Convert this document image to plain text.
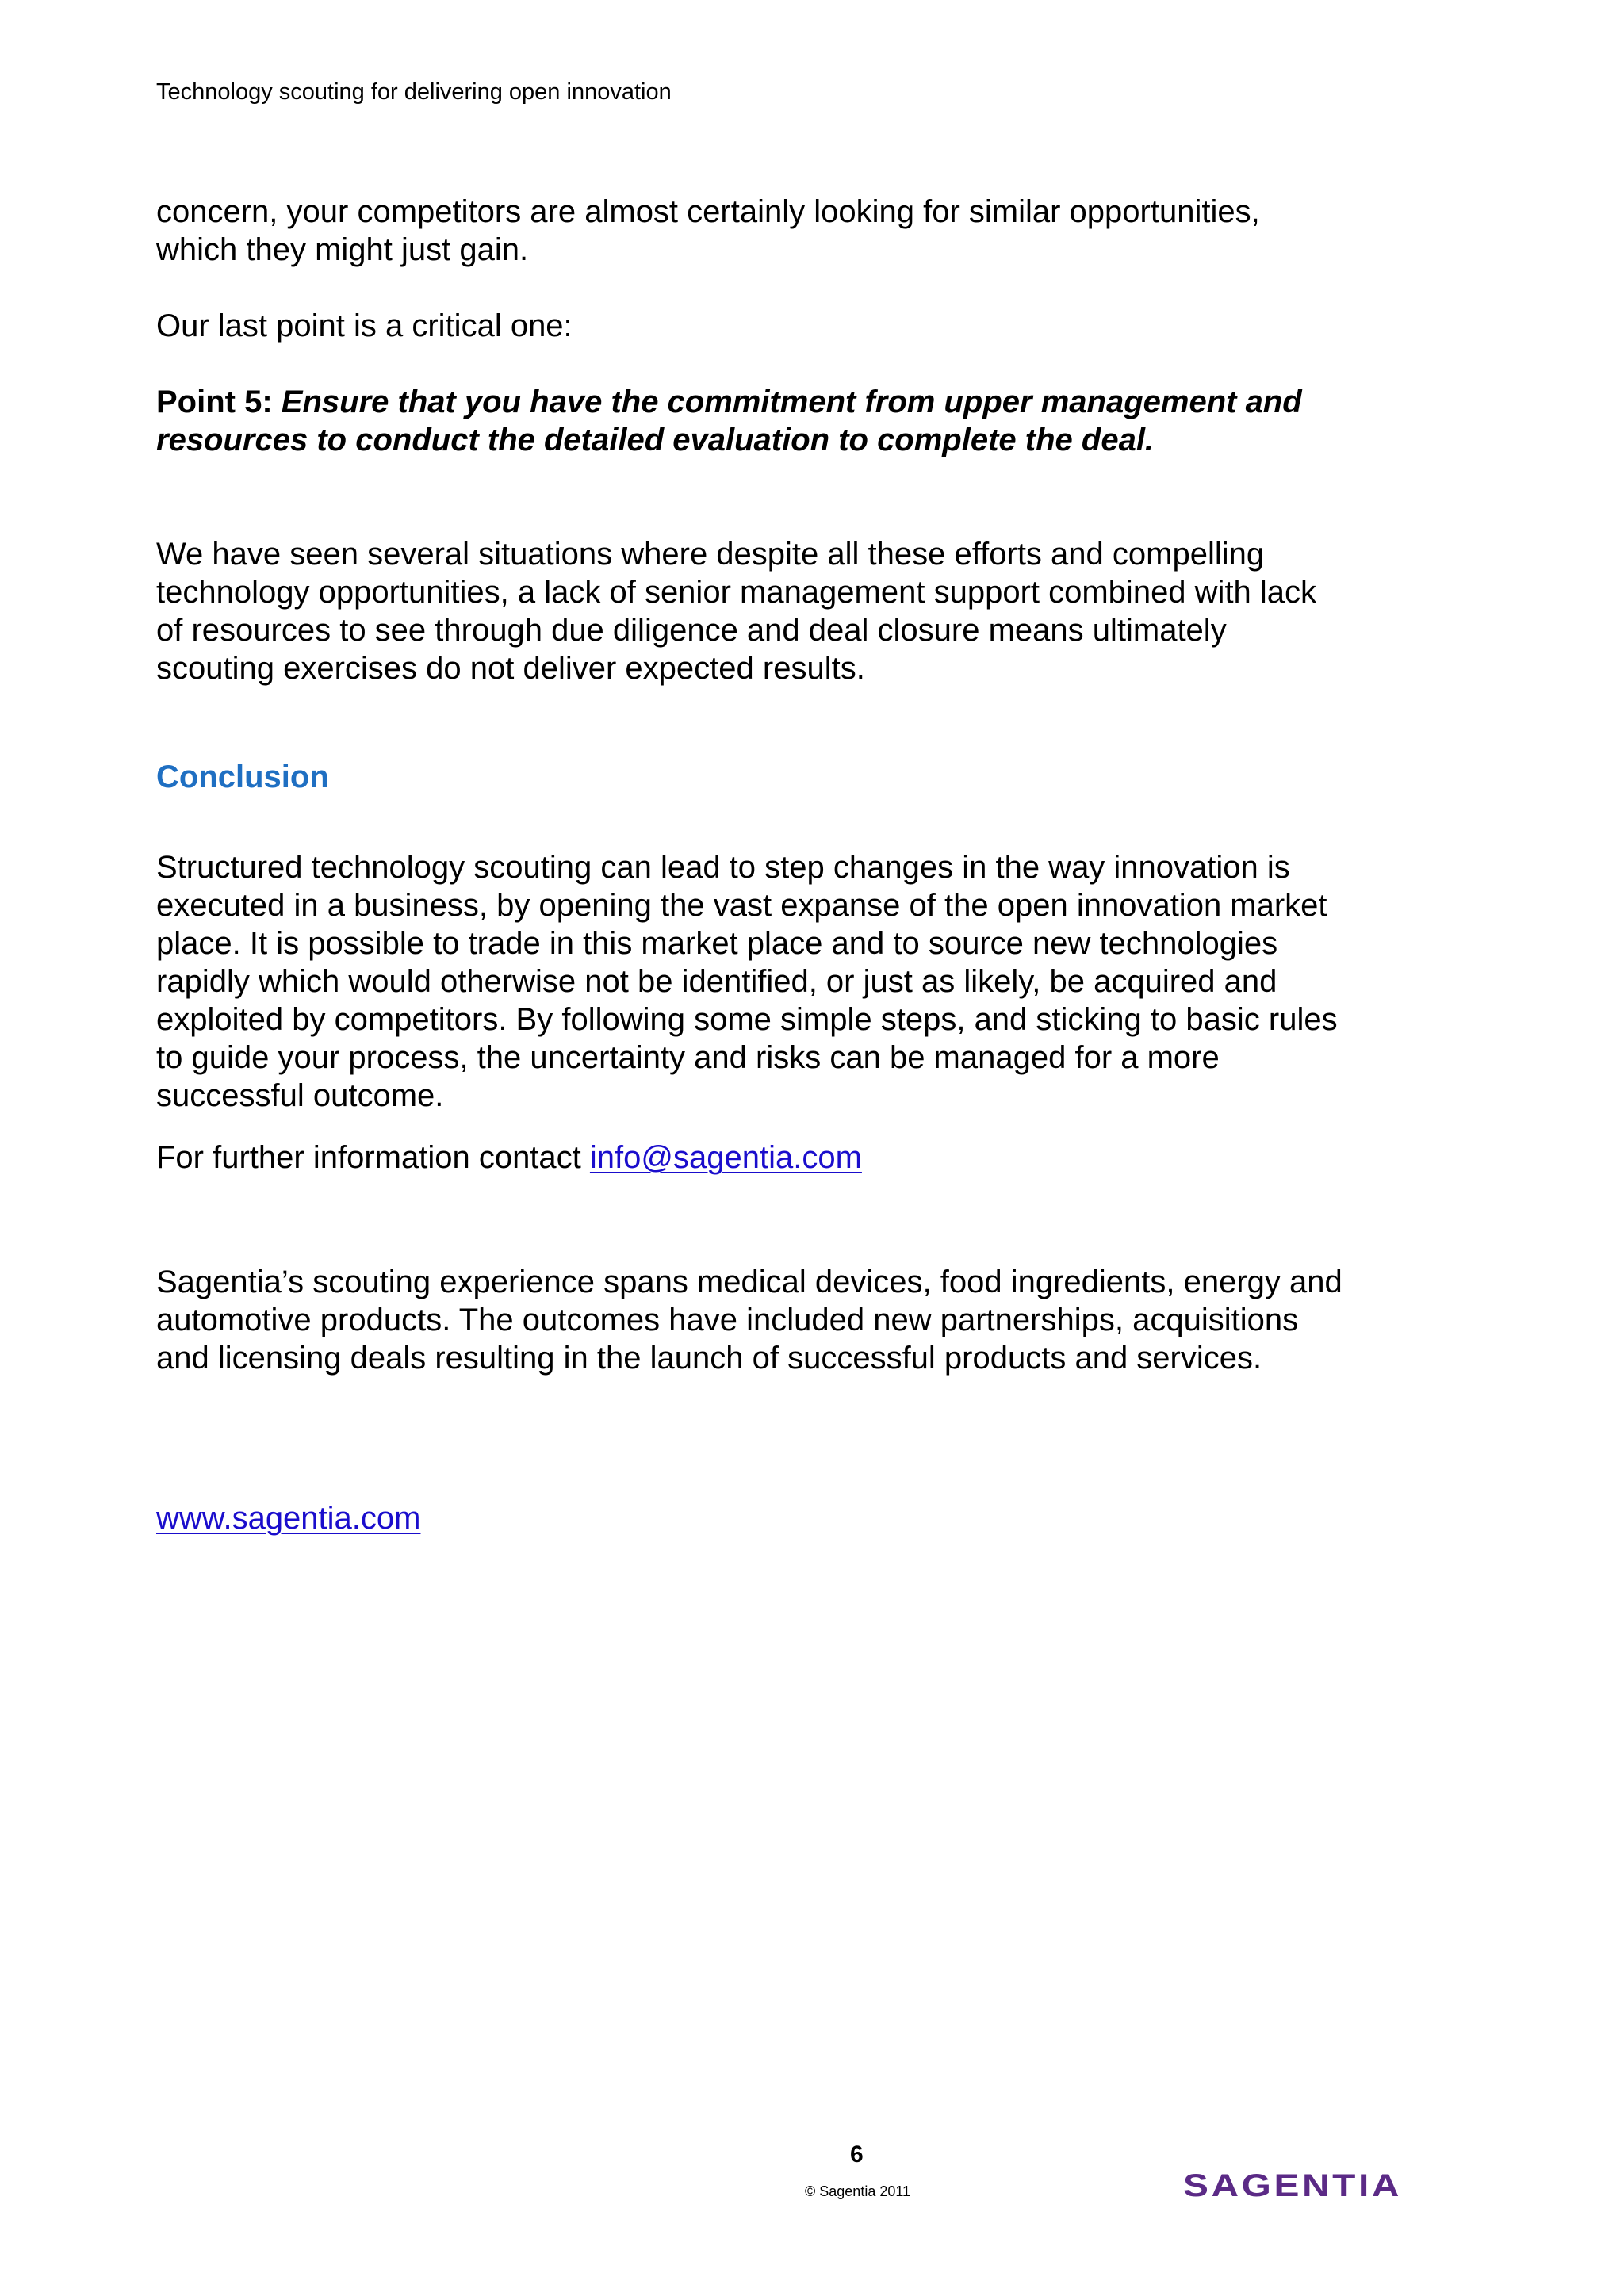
Technology scouting for delivering open innovation

concern, your competitors are almost certainly looking for similar opportunities, which they might just gain.

Our last point is a critical one:

Point 5: Ensure that you have the commitment from upper management and resources to conduct the detailed evaluation to complete the deal.

We have seen several situations where despite all these efforts and compelling technology opportunities, a lack of senior management support combined with lack of resources to see through due diligence and deal closure means ultimately scouting exercises do not deliver expected results.

Conclusion

Structured technology scouting can lead to step changes in the way innovation is executed in a business, by opening the vast expanse of the open innovation market place. It is possible to trade in this market place and to source new technologies rapidly which would otherwise not be identified, or just as likely, be acquired and exploited by competitors. By following some simple steps, and sticking to basic rules to guide your process, the uncertainty and risks can be managed for a more successful outcome.

For further information contact info@sagentia.com

Sagentia’s scouting experience spans medical devices, food ingredients, energy and automotive products. The outcomes have included new partnerships, acquisitions and licensing deals resulting in the launch of successful products and services.

www.sagentia.com

6
© Sagentia 2011	SAGENTIA
